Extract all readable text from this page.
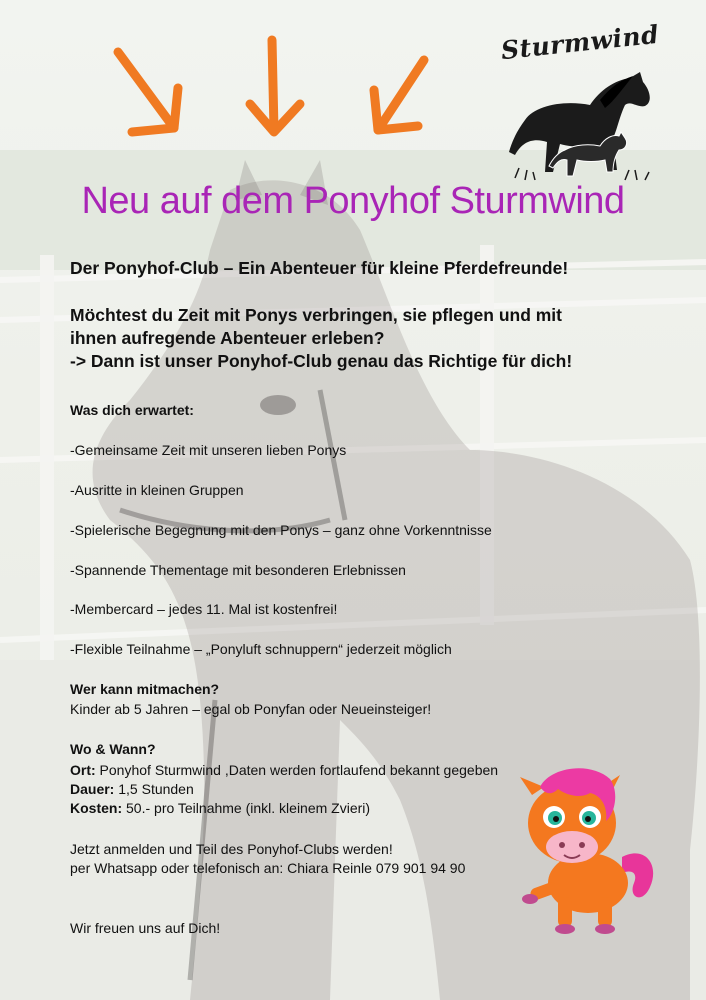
Sturmwind
Neu auf dem Ponyhof Sturmwind
Der Ponyhof-Club – Ein Abenteuer für kleine Pferdefreunde!
Möchtest du Zeit mit Ponys verbringen, sie pflegen und mit
ihnen aufregende Abenteuer erleben?
-> Dann ist unser Ponyhof-Club genau das Richtige für dich!
Was dich erwartet:
-Gemeinsame Zeit mit unseren lieben Ponys
-Ausritte in kleinen Gruppen
-Spielerische Begegnung mit den Ponys – ganz ohne Vorkenntnisse
-Spannende Thementage mit besonderen Erlebnissen
-Membercard – jedes 11. Mal ist kostenfrei!
-Flexible Teilnahme – „Ponyluft schnuppern“ jederzeit möglich
Wer kann mitmachen?
Kinder ab 5 Jahren – egal ob Ponyfan oder Neueinsteiger!
Wo & Wann?
Ort: Ponyhof Sturmwind ,Daten werden fortlaufend bekannt gegeben
Dauer: 1,5 Stunden
Kosten: 50.- pro Teilnahme (inkl. kleinem Zvieri)
Jetzt anmelden und Teil des Ponyhof-Clubs werden!
per Whatsapp oder telefonisch an: Chiara Reinle 079 901 94 90
Wir freuen uns auf Dich!
